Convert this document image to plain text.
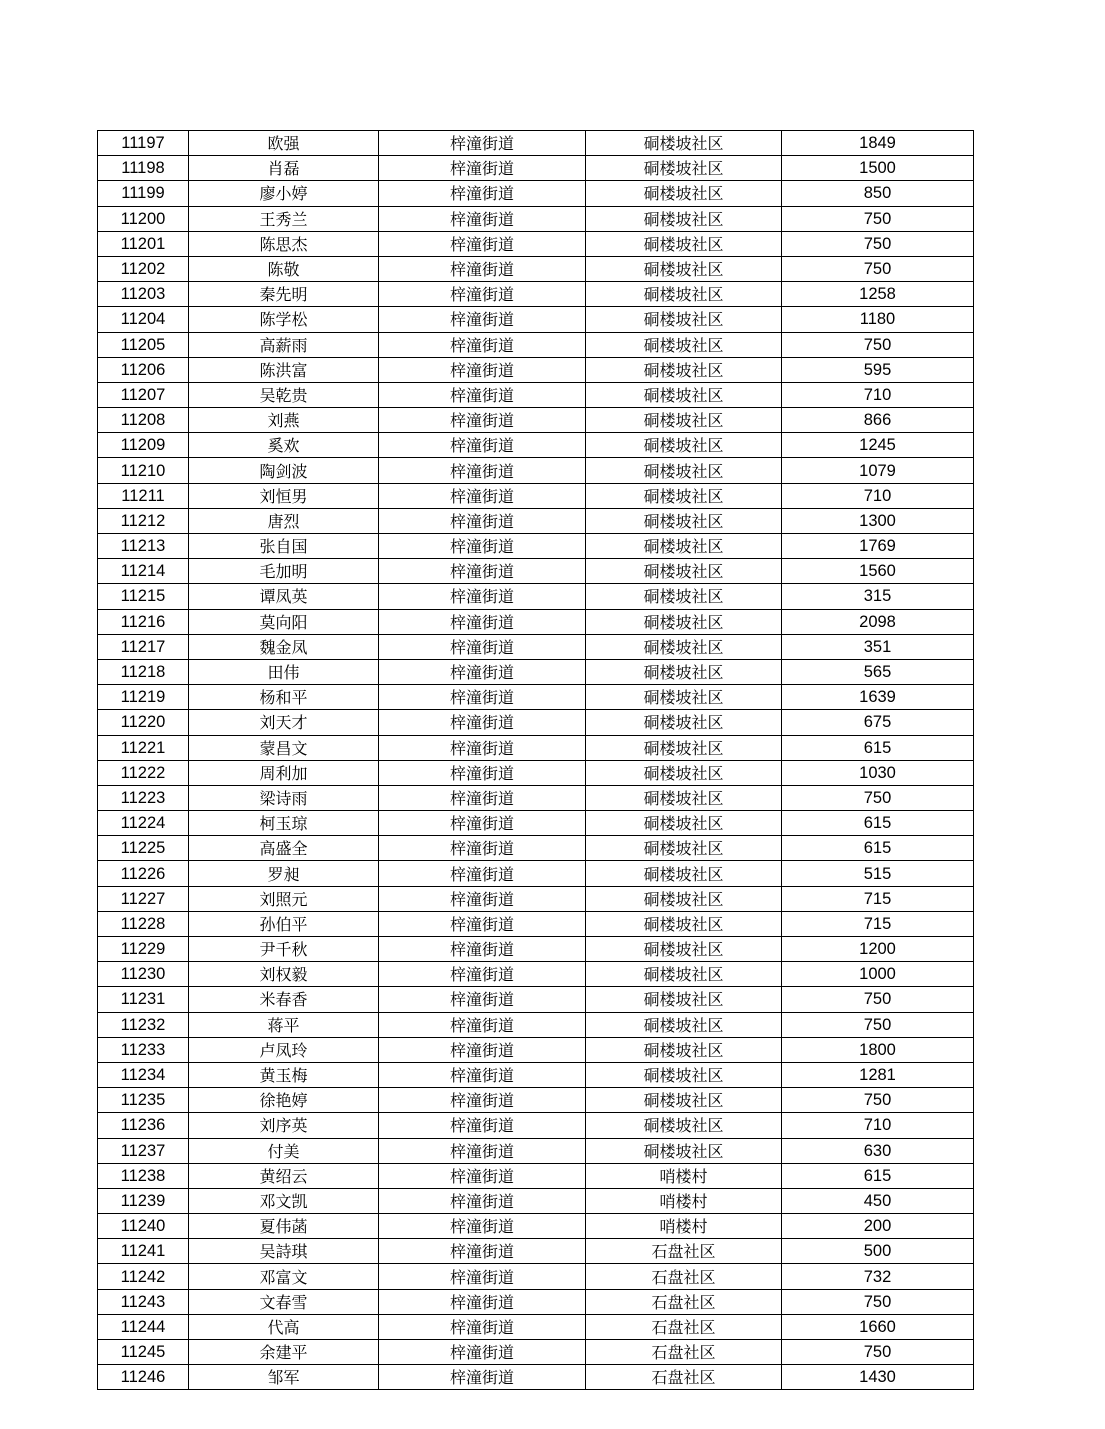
11197	欧强	梓潼街道	硐楼坡社区	1849
11198	肖磊	梓潼街道	硐楼坡社区	1500
11199	廖小婷	梓潼街道	硐楼坡社区	850
11200	王秀兰	梓潼街道	硐楼坡社区	750
11201	陈思杰	梓潼街道	硐楼坡社区	750
11202	陈敬	梓潼街道	硐楼坡社区	750
11203	秦先明	梓潼街道	硐楼坡社区	1258
11204	陈学松	梓潼街道	硐楼坡社区	1180
11205	高薪雨	梓潼街道	硐楼坡社区	750
11206	陈洪富	梓潼街道	硐楼坡社区	595
11207	吴乾贵	梓潼街道	硐楼坡社区	710
11208	刘燕	梓潼街道	硐楼坡社区	866
11209	奚欢	梓潼街道	硐楼坡社区	1245
11210	陶剑波	梓潼街道	硐楼坡社区	1079
11211	刘恒男	梓潼街道	硐楼坡社区	710
11212	唐烈	梓潼街道	硐楼坡社区	1300
11213	张自国	梓潼街道	硐楼坡社区	1769
11214	毛加明	梓潼街道	硐楼坡社区	1560
11215	谭凤英	梓潼街道	硐楼坡社区	315
11216	莫向阳	梓潼街道	硐楼坡社区	2098
11217	魏金凤	梓潼街道	硐楼坡社区	351
11218	田伟	梓潼街道	硐楼坡社区	565
11219	杨和平	梓潼街道	硐楼坡社区	1639
11220	刘天才	梓潼街道	硐楼坡社区	675
11221	蒙昌文	梓潼街道	硐楼坡社区	615
11222	周利加	梓潼街道	硐楼坡社区	1030
11223	梁诗雨	梓潼街道	硐楼坡社区	750
11224	柯玉琼	梓潼街道	硐楼坡社区	615
11225	高盛全	梓潼街道	硐楼坡社区	615
11226	罗昶	梓潼街道	硐楼坡社区	515
11227	刘照元	梓潼街道	硐楼坡社区	715
11228	孙伯平	梓潼街道	硐楼坡社区	715
11229	尹千秋	梓潼街道	硐楼坡社区	1200
11230	刘权毅	梓潼街道	硐楼坡社区	1000
11231	米春香	梓潼街道	硐楼坡社区	750
11232	蒋平	梓潼街道	硐楼坡社区	750
11233	卢凤玲	梓潼街道	硐楼坡社区	1800
11234	黄玉梅	梓潼街道	硐楼坡社区	1281
11235	徐艳婷	梓潼街道	硐楼坡社区	750
11236	刘序英	梓潼街道	硐楼坡社区	710
11237	付美	梓潼街道	硐楼坡社区	630
11238	黄绍云	梓潼街道	哨楼村	615
11239	邓文凯	梓潼街道	哨楼村	450
11240	夏伟菡	梓潼街道	哨楼村	200
11241	吴詩琪	梓潼街道	石盘社区	500
11242	邓富文	梓潼街道	石盘社区	732
11243	文春雪	梓潼街道	石盘社区	750
11244	代高	梓潼街道	石盘社区	1660
11245	余建平	梓潼街道	石盘社区	750
11246	邹军	梓潼街道	石盘社区	1430
